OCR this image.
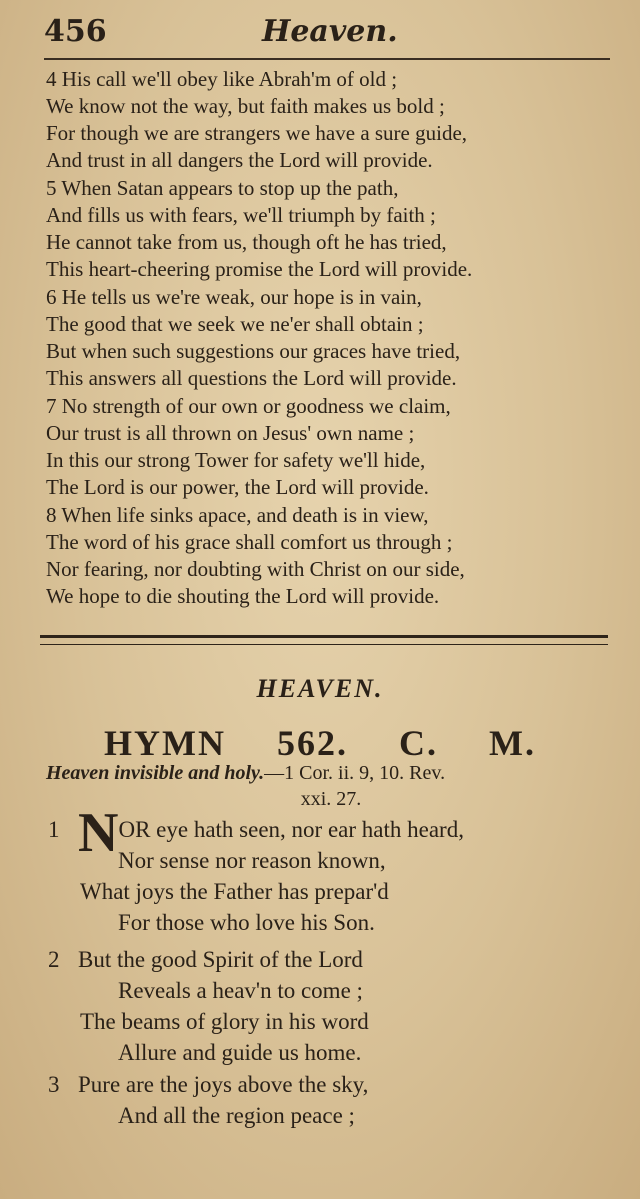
456	Heaven.
4 His call we'll obey like Abrah'm of old ;
We know not the way, but faith makes us bold ;
For though we are strangers we have a sure guide,
And trust in all dangers the Lord will provide.
5 When Satan appears to stop up the path,
And fills us with fears, we'll triumph by faith ;
He cannot take from us, though oft he has tried,
This heart-cheering promise the Lord will provide.
6 He tells us we're weak, our hope is in vain,
The good that we seek we ne'er shall obtain ;
But when such suggestions our graces have tried,
This answers all questions the Lord will provide.
7 No strength of our own or goodness we claim,
Our trust is all thrown on Jesus' own name ;
In this our strong Tower for safety we'll hide,
The Lord is our power, the Lord will provide.
8 When life sinks apace, and death is in view,
The word of his grace shall comfort us through ;
Nor fearing, nor doubting with Christ on our side,
We hope to die shouting the Lord will provide.
HEAVEN.
HYMN 562. C. M.
Heaven invisible and holy.—1 Cor. ii. 9, 10. Rev.
xxi. 27.
1 NOR eye hath seen, nor ear hath heard,
Nor sense nor reason known,
What joys the Father has prepar'd
For those who love his Son.
2 But the good Spirit of the Lord
Reveals a heav'n to come ;
The beams of glory in his word
Allure and guide us home.
3 Pure are the joys above the sky,
And all the region peace ;
